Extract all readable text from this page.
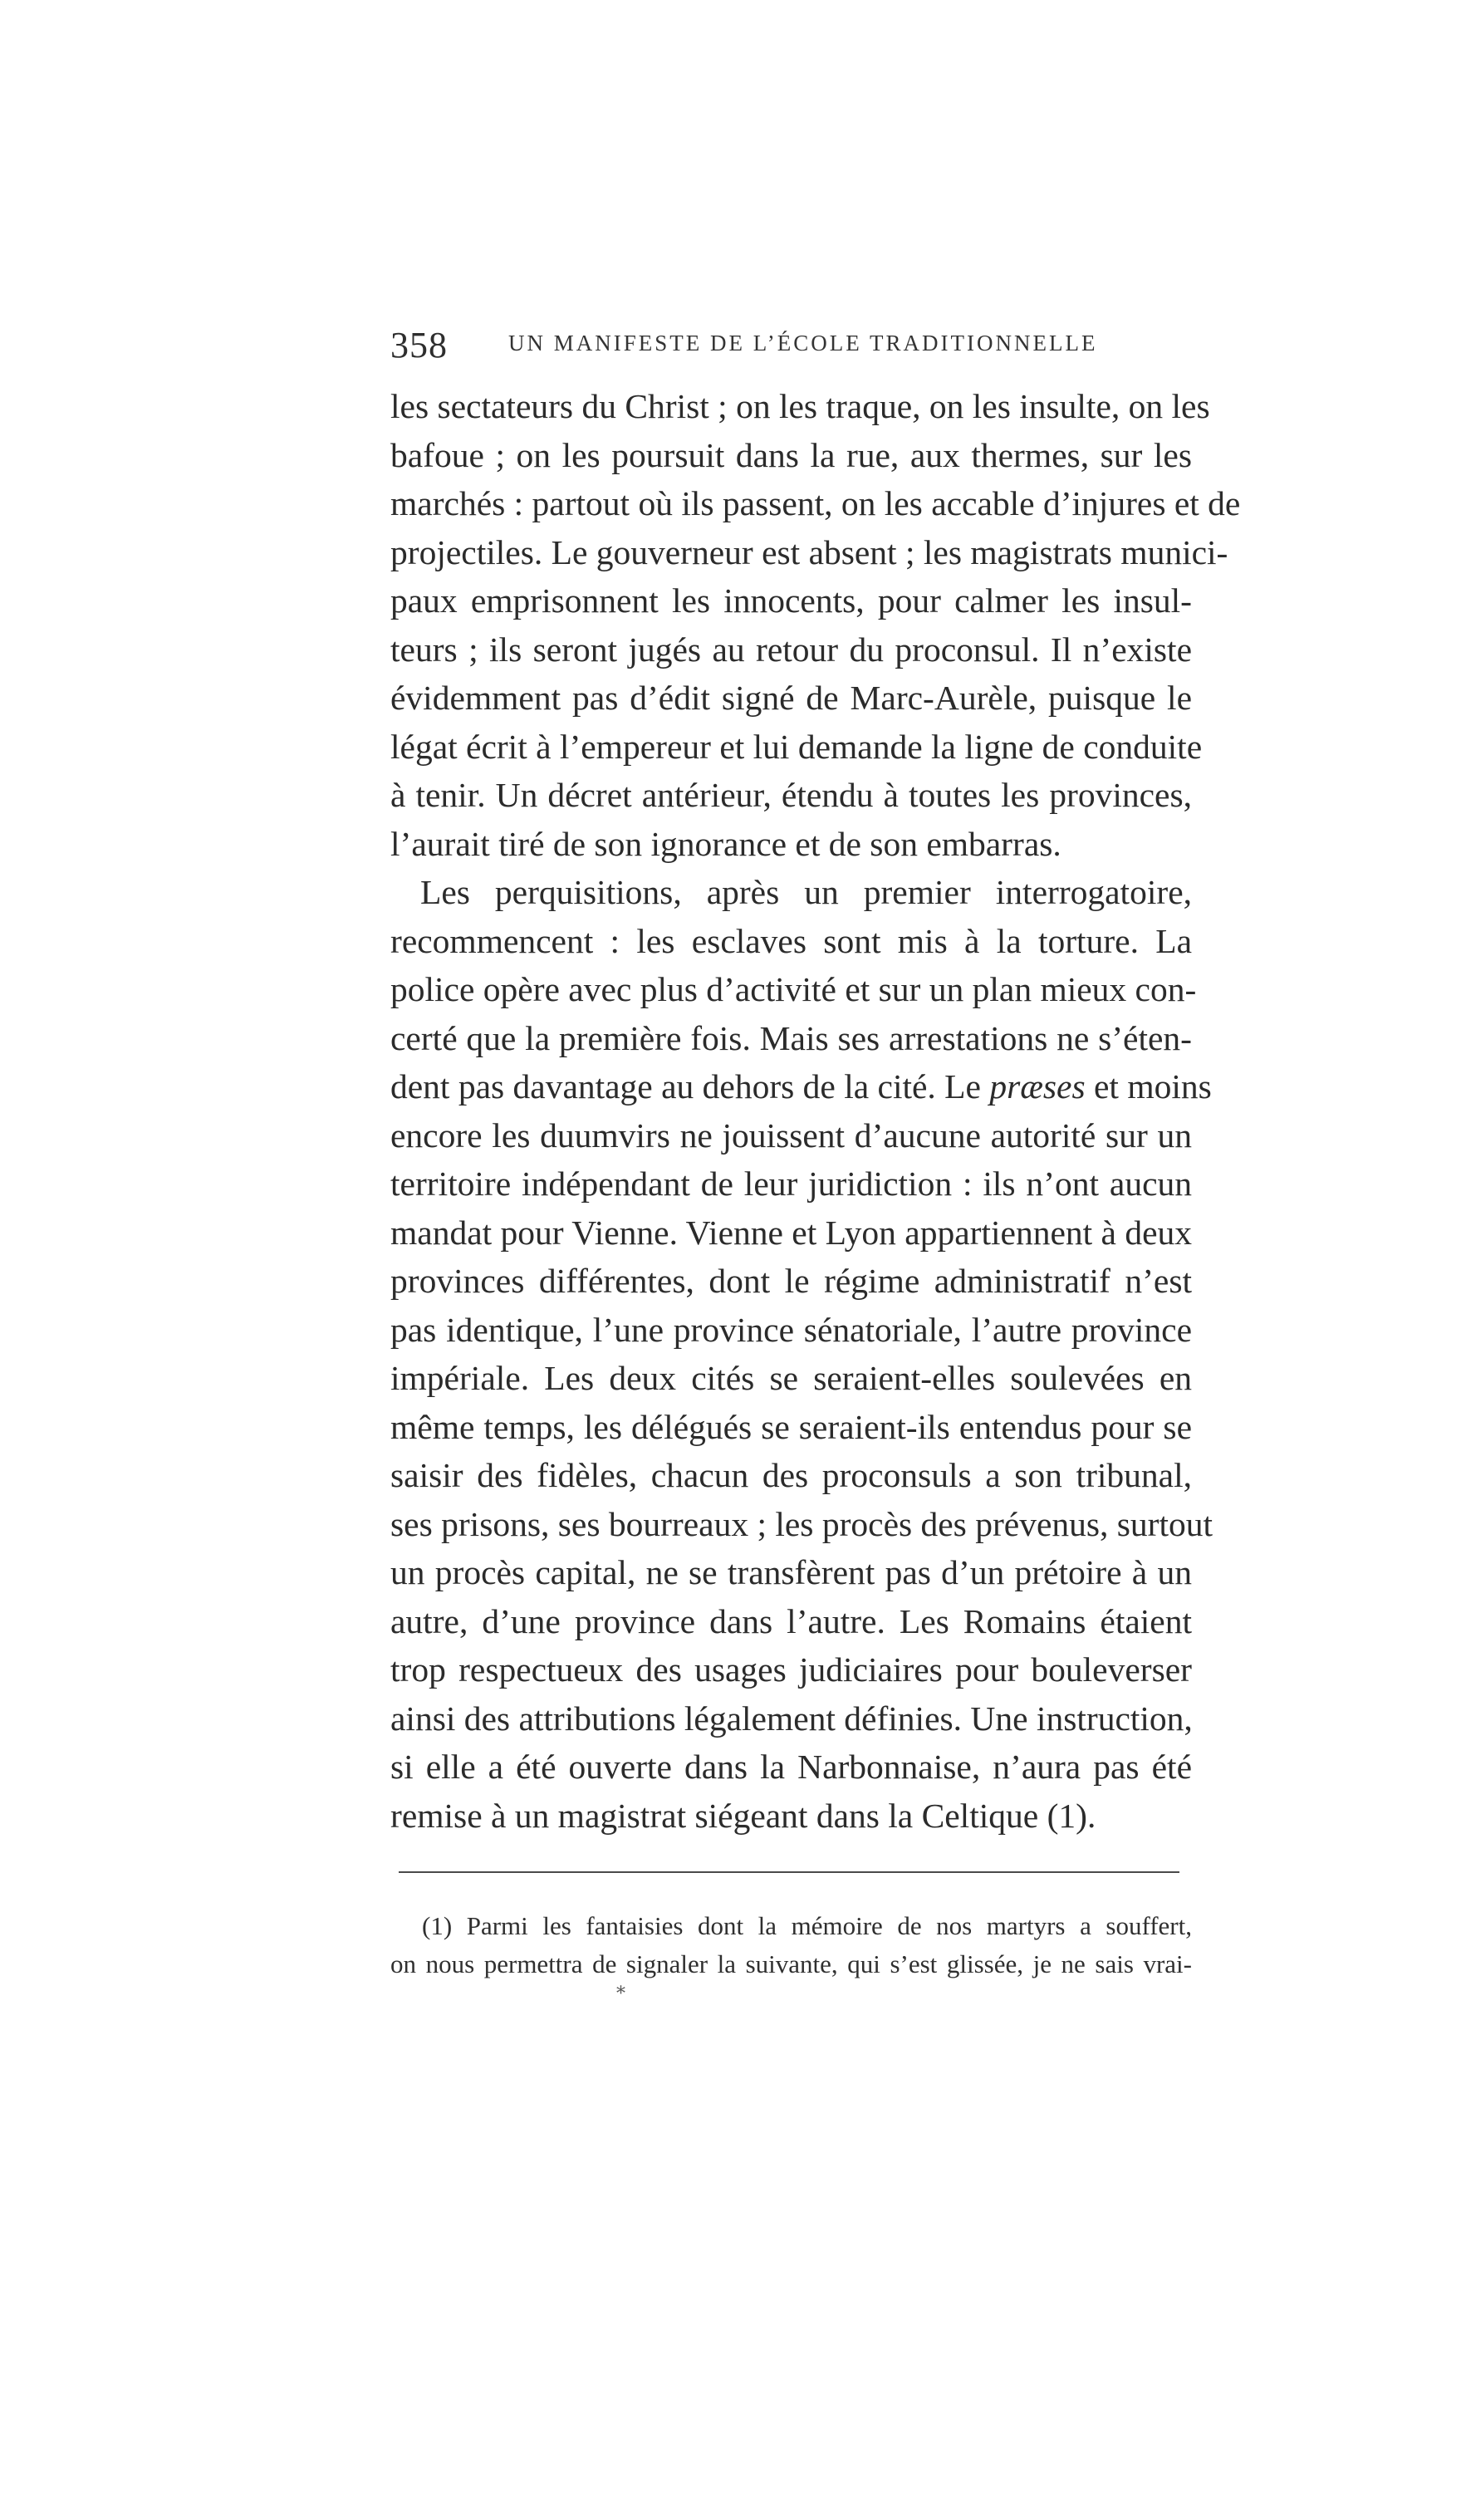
358	UN MANIFESTE DE L’ÉCOLE TRADITIONNELLE
les sectateurs du Christ ; on les traque, on les insulte, on les
bafoue ; on les poursuit dans la rue, aux thermes, sur les
marchés : partout où ils passent, on les accable d’injures et de
projectiles. Le gouverneur est absent ; les magistrats munici-
paux emprisonnent les innocents, pour calmer les insul-
teurs ; ils seront jugés au retour du proconsul. Il n’existe
évidemment pas d’édit signé de Marc-Aurèle, puisque le
légat écrit à l’empereur et lui demande la ligne de conduite
à tenir. Un décret antérieur, étendu à toutes les provinces,
l’aurait tiré de son ignorance et de son embarras.
Les perquisitions, après un premier interrogatoire,
recommencent : les esclaves sont mis à la torture. La
police opère avec plus d’activité et sur un plan mieux con-
certé que la première fois. Mais ses arrestations ne s’éten-
dent pas davantage au dehors de la cité. Le præses et moins
encore les duumvirs ne jouissent d’aucune autorité sur un
territoire indépendant de leur juridiction : ils n’ont aucun
mandat pour Vienne. Vienne et Lyon appartiennent à deux
provinces différentes, dont le régime administratif n’est
pas identique, l’une province sénatoriale, l’autre province
impériale. Les deux cités se seraient-elles soulevées en
même temps, les délégués se seraient-ils entendus pour se
saisir des fidèles, chacun des proconsuls a son tribunal,
ses prisons, ses bourreaux ; les procès des prévenus, surtout
un procès capital, ne se transfèrent pas d’un prétoire à un
autre, d’une province dans l’autre. Les Romains étaient
trop respectueux des usages judiciaires pour bouleverser
ainsi des attributions légalement définies. Une instruction,
si elle a été ouverte dans la Narbonnaise, n’aura pas été
remise à un magistrat siégeant dans la Celtique (1).
(1) Parmi les fantaisies dont la mémoire de nos martyrs a souffert,
on nous permettra de signaler la suivante, qui s’est glissée, je ne sais vrai-
⁎
